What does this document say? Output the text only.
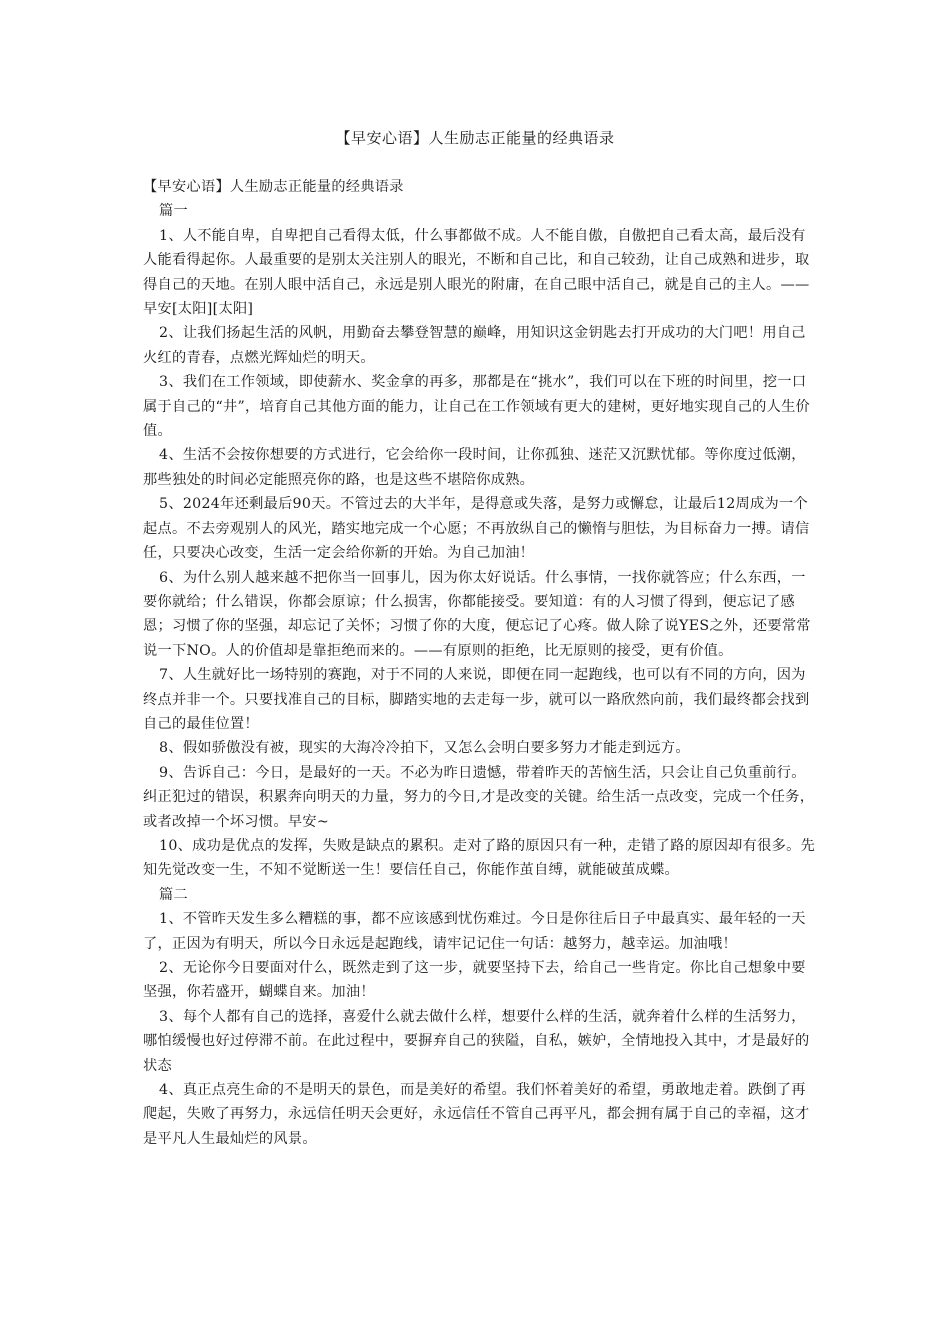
【早安心语】人生励志正能量的经典语录

【早安心语】人生励志正能量的经典语录

篇一

1、人不能自卑，自卑把自己看得太低，什么事都做不成。人不能自傲，自傲把自己看太高，最后没有人能看得起你。人最重要的是别太关注别人的眼光，不断和自己比，和自己较劲，让自己成熟和进步，取得自己的天地。在别人眼中活自己，永远是别人眼光的附庸，在自己眼中活自己，就是自己的主人。——早安[太阳][太阳]

2、让我们扬起生活的风帆，用勤奋去攀登智慧的巅峰，用知识这金钥匙去打开成功的大门吧！用自己火红的青春，点燃光辉灿烂的明天。

3、我们在工作领域，即使薪水、奖金拿的再多，那都是在“挑水”，我们可以在下班的时间里，挖一口属于自己的“井”，培育自己其他方面的能力，让自己在工作领域有更大的建树，更好地实现自己的人生价值。

4、生活不会按你想要的方式进行，它会给你一段时间，让你孤独、迷茫又沉默忧郁。等你度过低潮，那些独处的时间必定能照亮你的路，也是这些不堪陪你成熟。

5、2024年还剩最后90天。不管过去的大半年，是得意或失落，是努力或懈怠，让最后12周成为一个起点。不去旁观别人的风光，踏实地完成一个心愿；不再放纵自己的懒惰与胆怯，为目标奋力一搏。请信任，只要决心改变，生活一定会给你新的开始。为自己加油！

6、为什么别人越来越不把你当一回事儿，因为你太好说话。什么事情，一找你就答应；什么东西，一要你就给；什么错误，你都会原谅；什么损害，你都能接受。要知道：有的人习惯了得到，便忘记了感恩；习惯了你的坚强，却忘记了关怀；习惯了你的大度，便忘记了心疼。做人除了说YES之外，还要常常说一下NO。人的价值却是靠拒绝而来的。——有原则的拒绝，比无原则的接受，更有价值。

7、人生就好比一场特别的赛跑，对于不同的人来说，即便在同一起跑线，也可以有不同的方向，因为终点并非一个。只要找准自己的目标，脚踏实地的去走每一步，就可以一路欣然向前，我们最终都会找到自己的最佳位置！

8、假如骄傲没有被，现实的大海冷冷拍下，又怎么会明白要多努力才能走到远方。

9、告诉自己：今日，是最好的一天。不必为昨日遗憾，带着昨天的苦恼生活，只会让自己负重前行。纠正犯过的错误，积累奔向明天的力量，努力的今日,才是改变的关键。给生活一点改变，完成一个任务，或者改掉一个坏习惯。早安~

10、成功是优点的发挥，失败是缺点的累积。走对了路的原因只有一种，走错了路的原因却有很多。先知先觉改变一生，不知不觉断送一生！要信任自己，你能作茧自缚，就能破茧成蝶。

篇二

1、不管昨天发生多么糟糕的事，都不应该感到忧伤难过。今日是你往后日子中最真实、最年轻的一天了，正因为有明天，所以今日永远是起跑线，请牢记记住一句话：越努力，越幸运。加油哦！

2、无论你今日要面对什么，既然走到了这一步，就要坚持下去，给自己一些肯定。你比自己想象中要坚强，你若盛开，蝴蝶自来。加油！

3、每个人都有自己的选择，喜爱什么就去做什么样，想要什么样的生活，就奔着什么样的生活努力，哪怕缓慢也好过停滞不前。在此过程中，要摒弃自己的狭隘，自私，嫉妒，全情地投入其中，才是最好的状态

4、真正点亮生命的不是明天的景色，而是美好的希望。我们怀着美好的希望，勇敢地走着。跌倒了再爬起，失败了再努力，永远信任明天会更好，永远信任不管自己再平凡，都会拥有属于自己的幸福，这才是平凡人生最灿烂的风景。
